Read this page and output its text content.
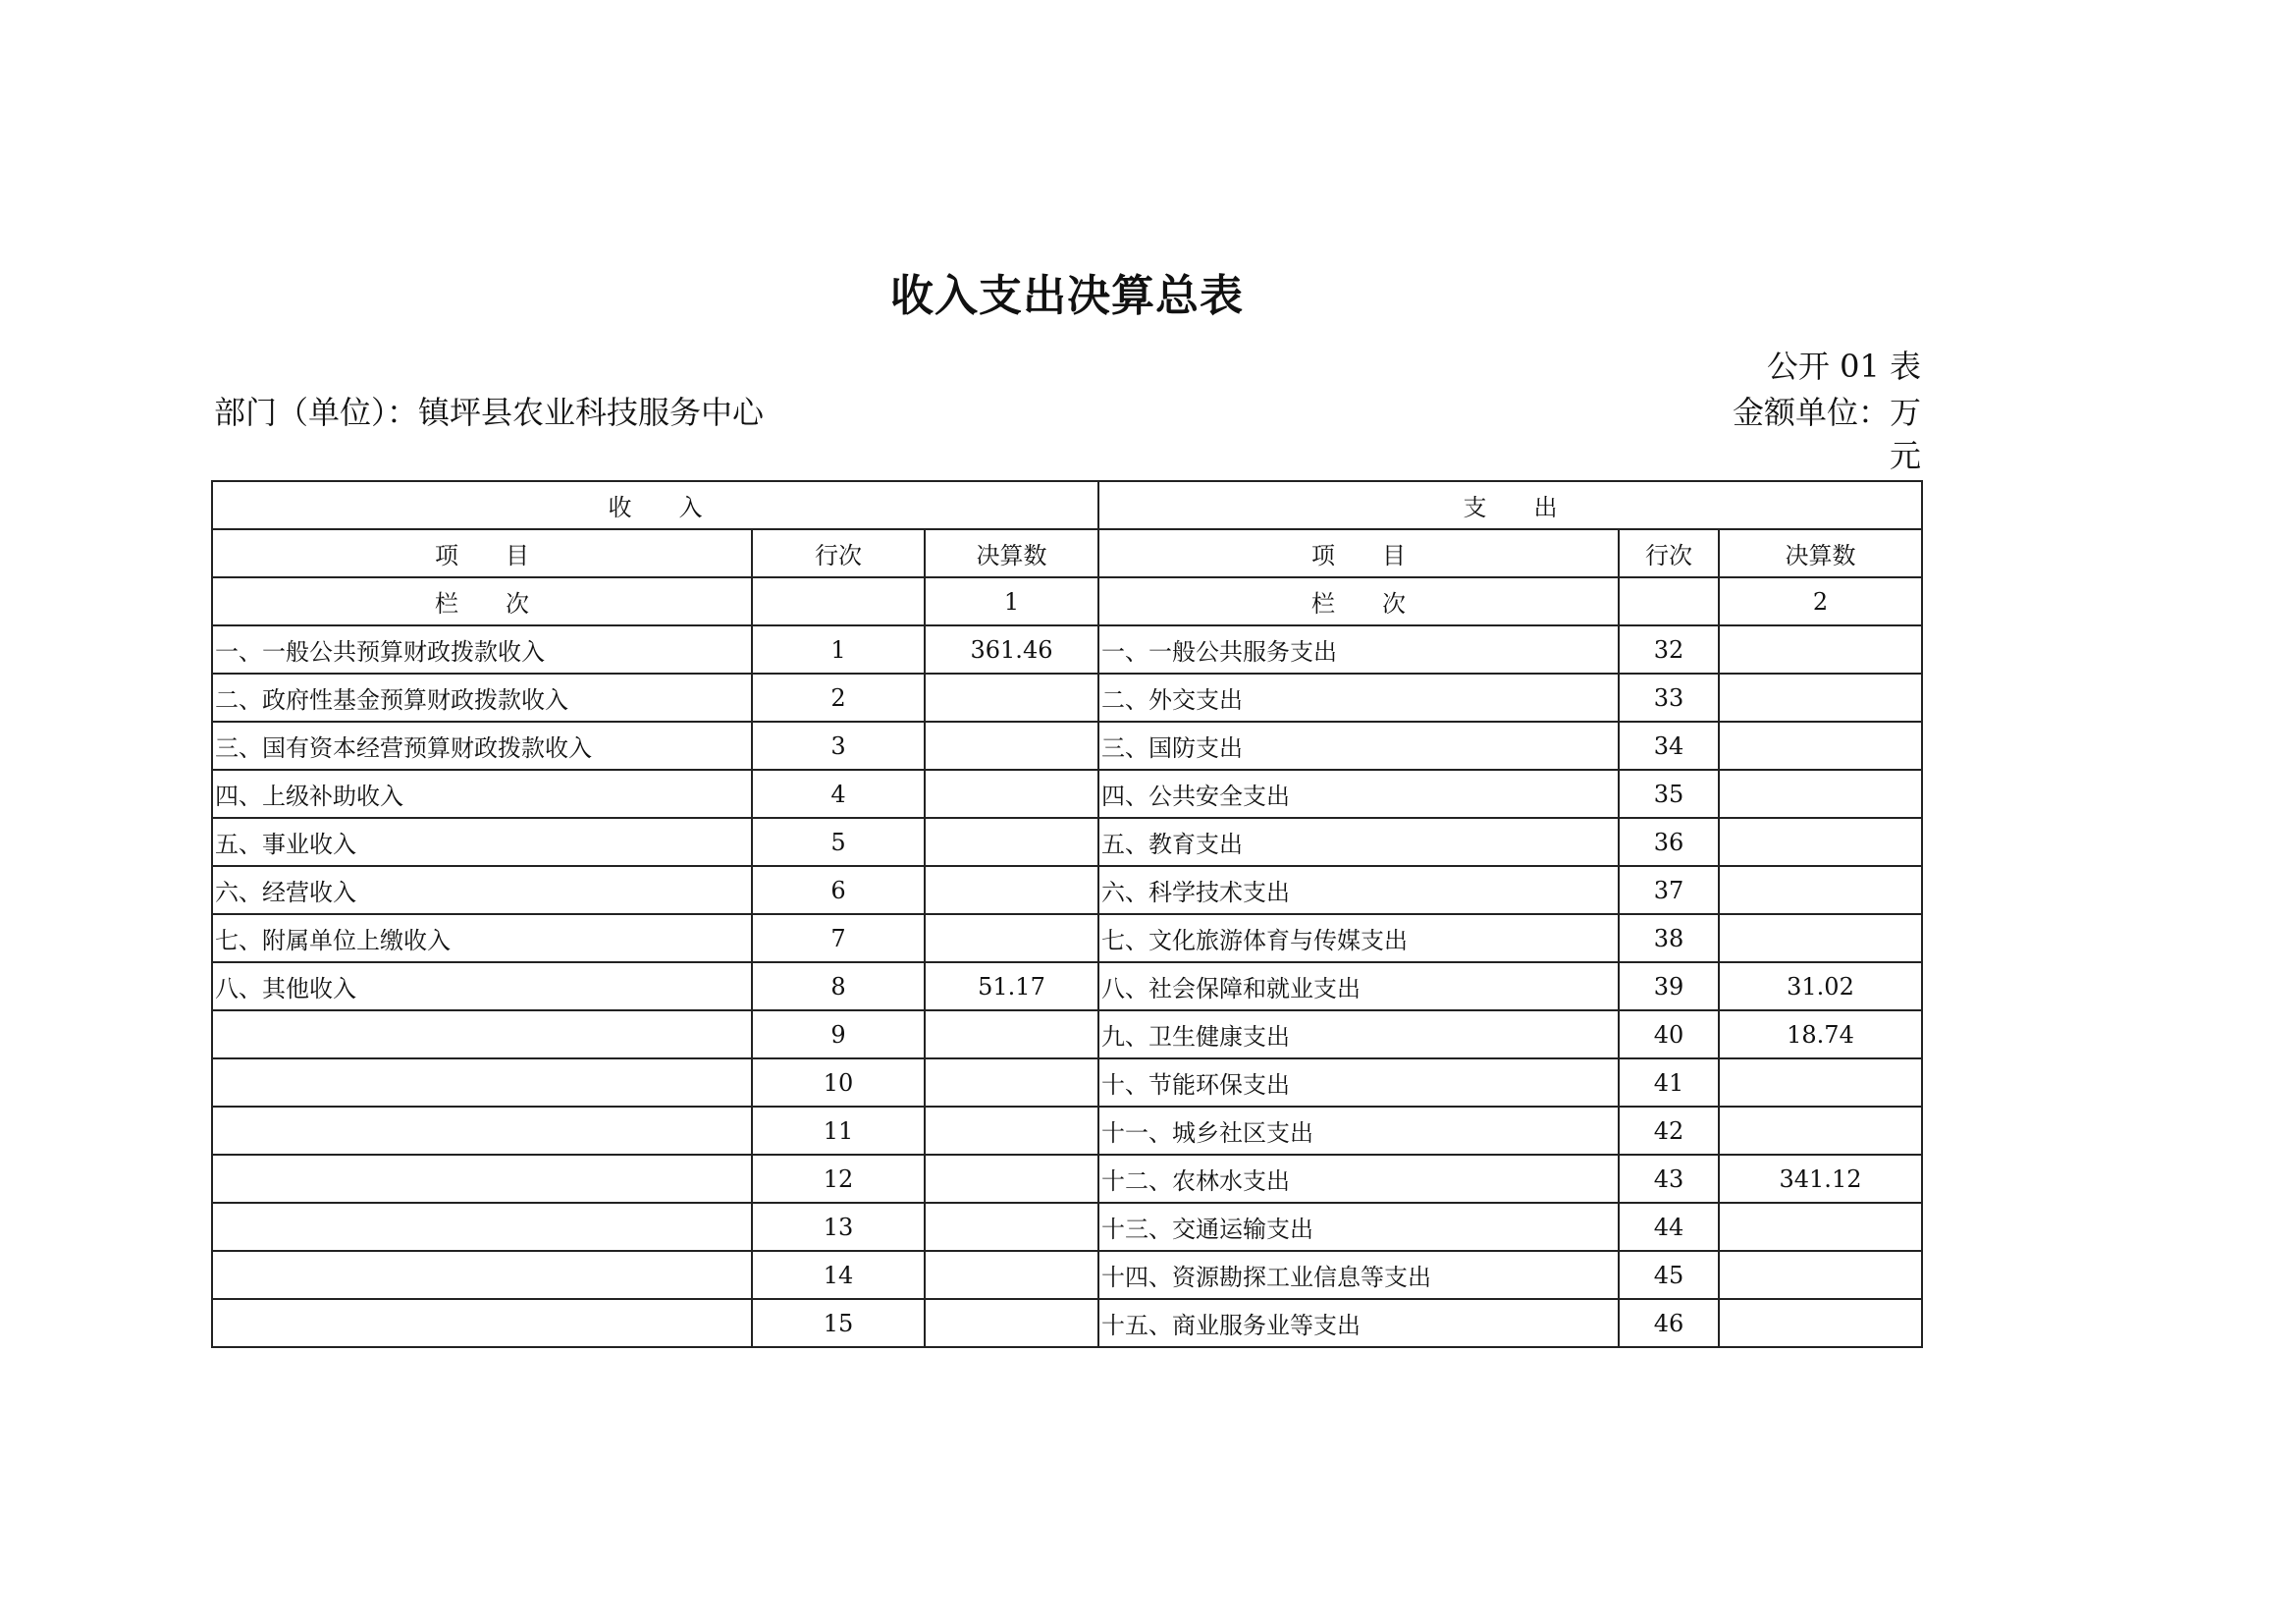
收入支出决算总表
公开 01 表
部门（单位）：镇坪县农业科技服务中心	金额单位：万元
收　　入			支　　出		
项　　目	行次	决算数	项　　目	行次	决算数
栏　　次		1	栏　　次		2
一、一般公共预算财政拨款收入	1	361.46	一、一般公共服务支出	32	
二、政府性基金预算财政拨款收入	2		二、外交支出	33	
三、国有资本经营预算财政拨款收入	3		三、国防支出	34	
四、上级补助收入	4		四、公共安全支出	35	
五、事业收入	5		五、教育支出	36	
六、经营收入	6		六、科学技术支出	37	
七、附属单位上缴收入	7		七、文化旅游体育与传媒支出	38	
八、其他收入	8	51.17	八、社会保障和就业支出	39	31.02
	9		九、卫生健康支出	40	18.74
	10		十、节能环保支出	41	
	11		十一、城乡社区支出	42	
	12		十二、农林水支出	43	341.12
	13		十三、交通运输支出	44	
	14		十四、资源勘探工业信息等支出	45	
	15		十五、商业服务业等支出	46	
